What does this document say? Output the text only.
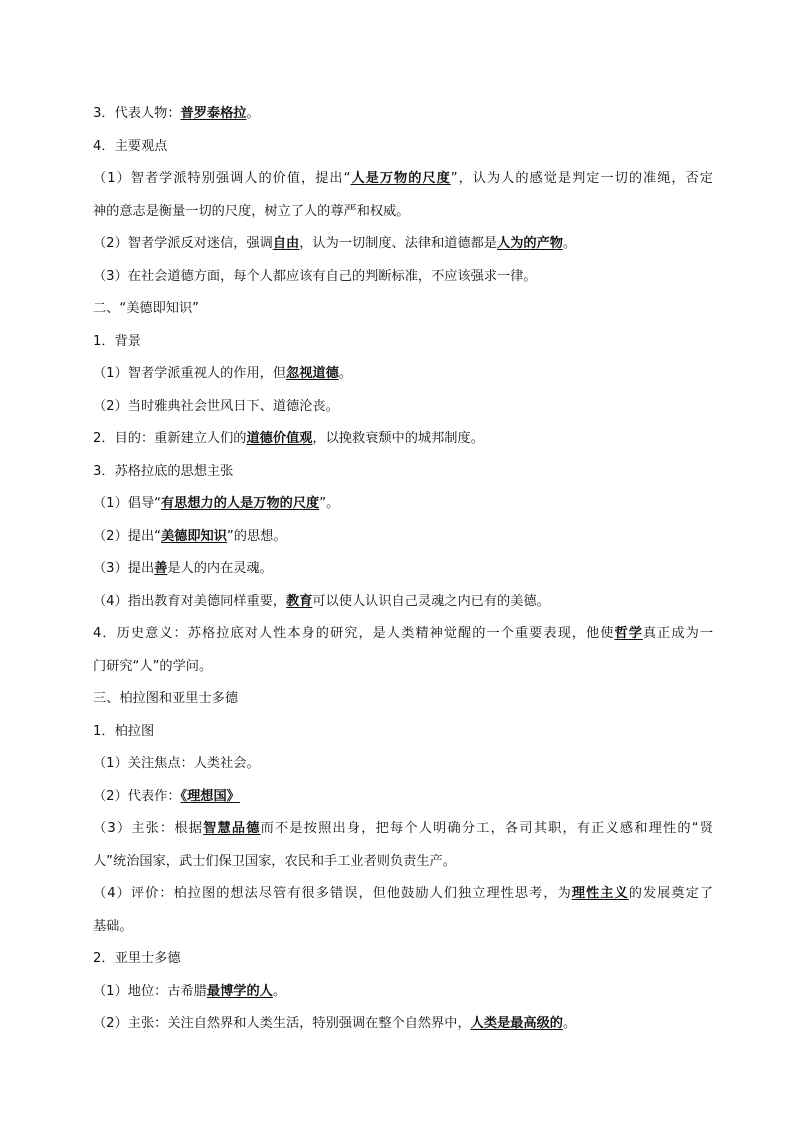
3．代表人物：普罗泰格拉。
4．主要观点
（1）智者学派特别强调人的价值，提出“人是万物的尺度”，认为人的感觉是判定一切的准绳，否定
神的意志是衡量一切的尺度，树立了人的尊严和权威。
（2）智者学派反对迷信，强调自由，认为一切制度、法律和道德都是人为的产物。
（3）在社会道德方面，每个人都应该有自己的判断标准，不应该强求一律。
二、“美德即知识”
1．背景
（1）智者学派重视人的作用，但忽视道德。
（2）当时雅典社会世风日下、道德沦丧。
2．目的：重新建立人们的道德价值观，以挽救衰颓中的城邦制度。
3．苏格拉底的思想主张
（1）倡导“有思想力的人是万物的尺度”。
（2）提出“美德即知识”的思想。
（3）提出善是人的内在灵魂。
（4）指出教育对美德同样重要，教育可以使人认识自己灵魂之内已有的美德。
4．历史意义：苏格拉底对人性本身的研究，是人类精神觉醒的一个重要表现，他使哲学真正成为一
门研究“人”的学问。
三、柏拉图和亚里士多德
1．柏拉图
（1）关注焦点：人类社会。
（2）代表作：《理想国》
（3）主张：根据智慧品德而不是按照出身，把每个人明确分工，各司其职，有正义感和理性的“贤
人”统治国家，武士们保卫国家，农民和手工业者则负责生产。
（4）评价：柏拉图的想法尽管有很多错误，但他鼓励人们独立理性思考，为理性主义的发展奠定了
基础。
2．亚里士多德
（1）地位：古希腊最博学的人。
（2）主张：关注自然界和人类生活，特别强调在整个自然界中，人类是最高级的。
